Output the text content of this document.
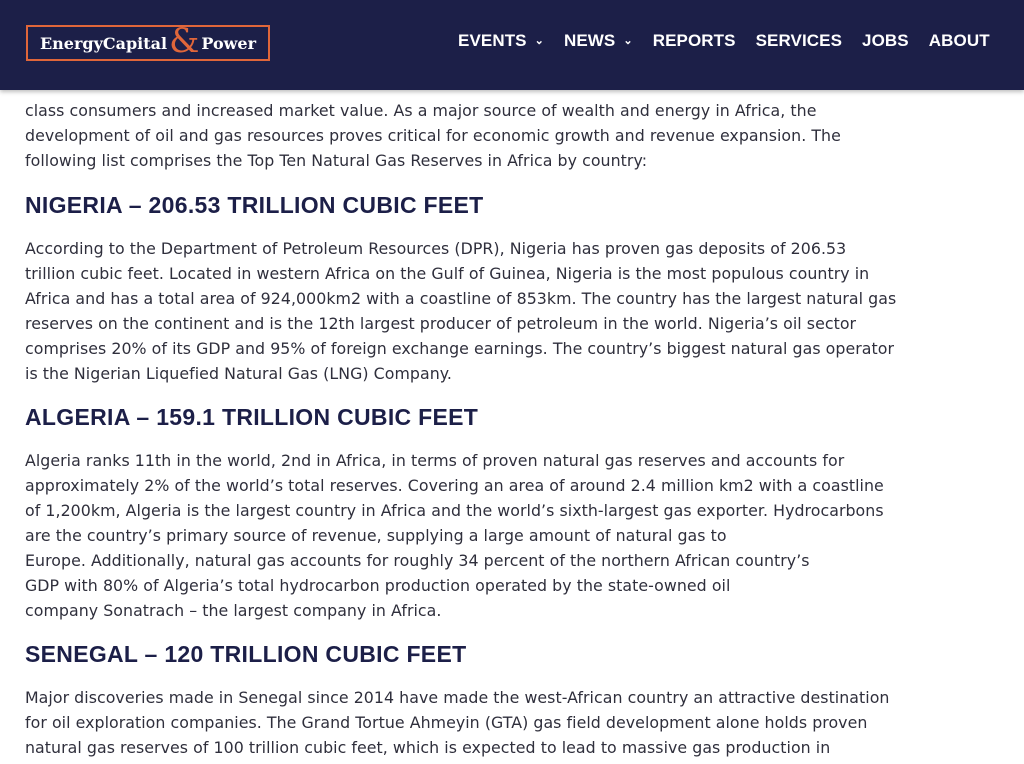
EnergyCapital & Power	EVENTS ⌄ NEWS ⌄ REPORTS SERVICES JOBS ABOUT

class consumers and increased market value. As a major source of wealth and energy in Africa, the
development of oil and gas resources proves critical for economic growth and revenue expansion. The
following list comprises the Top Ten Natural Gas Reserves in Africa by country:

NIGERIA – 206.53 TRILLION CUBIC FEET

According to the Department of Petroleum Resources (DPR), Nigeria has proven gas deposits of 206.53
trillion cubic feet. Located in western Africa on the Gulf of Guinea, Nigeria is the most populous country in
Africa and has a total area of 924,000km2 with a coastline of 853km. The country has the largest natural gas
reserves on the continent and is the 12th largest producer of petroleum in the world. Nigeria’s oil sector
comprises 20% of its GDP and 95% of foreign exchange earnings. The country’s biggest natural gas operator
is the Nigerian Liquefied Natural Gas (LNG) Company.

ALGERIA – 159.1 TRILLION CUBIC FEET

Algeria ranks 11th in the world, 2nd in Africa, in terms of proven natural gas reserves and accounts for
approximately 2% of the world’s total reserves. Covering an area of around 2.4 million km2 with a coastline
of 1,200km, Algeria is the largest country in Africa and the world’s sixth-largest gas exporter. Hydrocarbons
are the country’s primary source of revenue, supplying a large amount of natural gas to
Europe. Additionally, natural gas accounts for roughly 34 percent of the northern African country’s
GDP with 80% of Algeria’s total hydrocarbon production operated by the state-owned oil
company Sonatrach – the largest company in Africa.

SENEGAL – 120 TRILLION CUBIC FEET

Major discoveries made in Senegal since 2014 have made the west-African country an attractive destination
for oil exploration companies. The Grand Tortue Ahmeyin (GTA) gas field development alone holds proven
natural gas reserves of 100 trillion cubic feet, which is expected to lead to massive gas production in
